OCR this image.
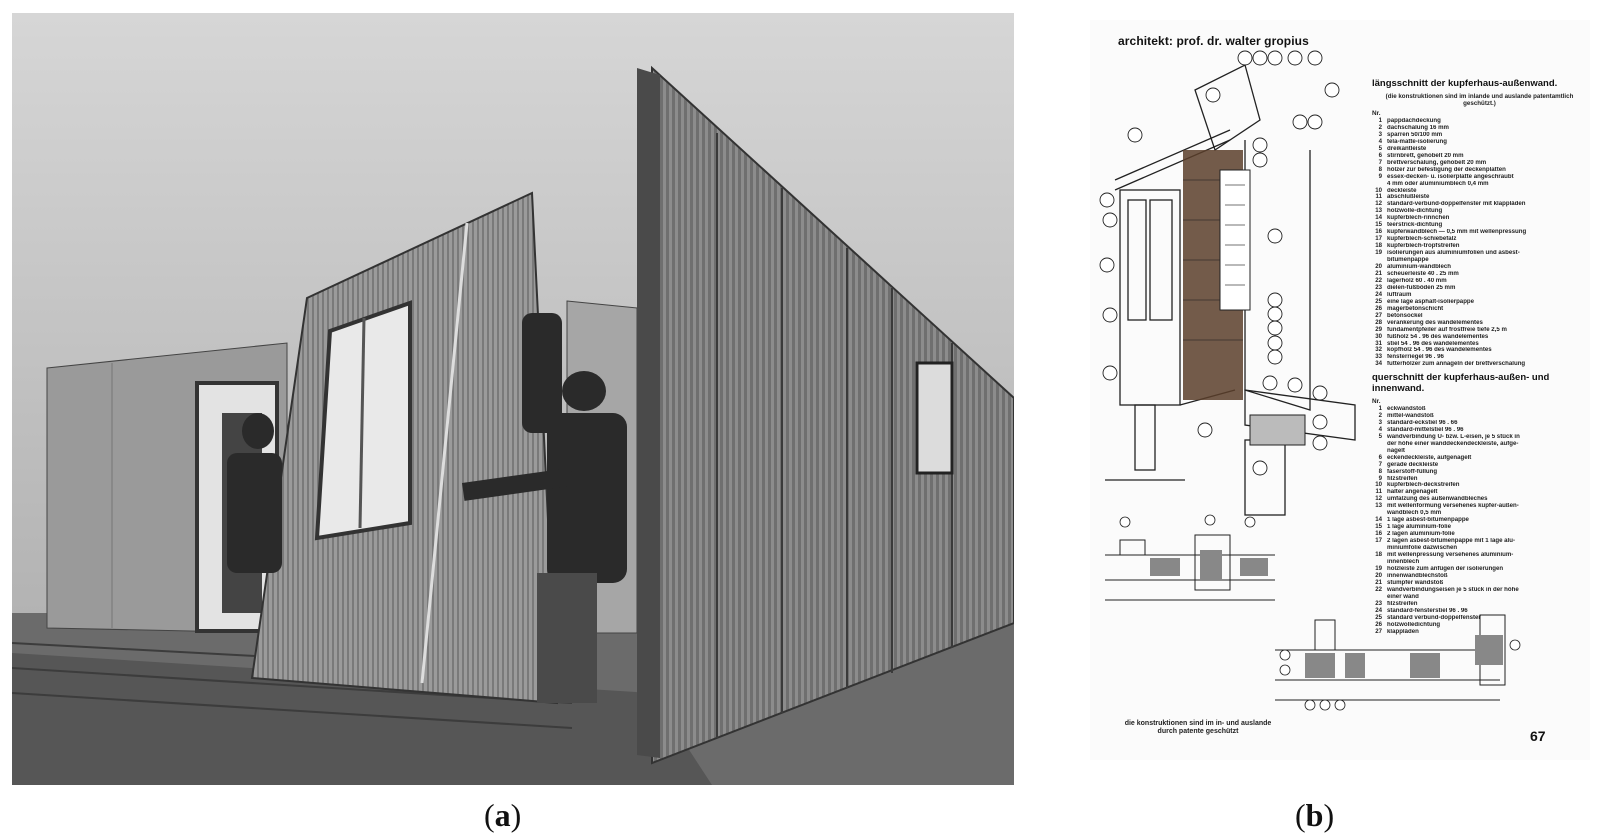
(a)
architekt: prof. dr. walter gropius
längsschnitt der kupferhaus-außenwand.
(die konstruktionen sind im inlande und auslande patentamtlich geschützt.)
Nr.
1 pappdachdeckung
2 dachschalung 16 mm
3 sparren 50/100 mm
4 tela-matte-isolierung
5 dreikantleiste
6 stirnbrett, gehobelt 20 mm
7 brettverschalung, gehobelt 20 mm
8 hölzer zur befestigung der deckenplatten
9 essex-decken- u. isolierplatte angeschraubt
4 mm oder aluminiumblech 0,4 mm
10 deckleiste
11 abschlußleiste
12 standard-verbund-doppelfenster mit klappläden
13 holzwolle-dichtung
14 kupferblech-rinnchen
15 teerstrick-dichtung
16 kupferwandblech — 0,5 mm mit wellenpressung
17 kupferblech-schiebefalz
18 kupferblech-tropfstreifen
19 isolierungen aus aluminiumfolien und asbest-
bitumenpappe
20 aluminium-wandblech
21 scheuerleiste 40 . 25 mm
22 lagerholz 60 . 40 mm
23 dielen-fußböden 25 mm
24 luftraum
25 eine lage asphalt-isolierpappe
26 magerbetonschicht
27 betonsockel
28 verankerung des wandelementes
29 fundamentpfeiler auf frostfreie tiefe 2,5 m
30 fußholz 54 . 96 des wandelementes
31 stiel 54 . 96 des wandelementes
32 kopfholz 54 . 96 des wandelementes
33 fensterriegel 96 . 96
34 futterhölzer zum annageln der brettverschalung
querschnitt der kupferhaus-außen- und innenwand.
Nr.
1 eckwandstoß
2 mittel-wandstoß
3 standard-eckstiel 96 . 66
4 standard-mittelstiel 96 . 96
5 wandverbindung U- bzw. L-eisen, je 5 stück in
der höhe einer wanddeckendeckleiste, aufge-
nagelt
6 eckendeckleiste, aufgenagelt
7 gerade deckleiste
8 faserstoff-füllung
9 filzstreifen
10 kupferblech-deckstreifen
11 halter angenagelt
12 umfalzung des außenwandbleches
13 mit wellenformung versehenes kupfer-außen-
wandblech 0,5 mm
14 1 lage asbest-bitumenpappe
15 1 lage aluminium-folie
16 2 lagen aluminium-folie
17 2 lagen asbest-bitumenpappe mit 1 lage alu-
miniumfolie dazwischen
18 mit wellenpressung versehenes aluminium-
innenblech
19 holzleiste zum anfügen der isolierungen
20 innenwandblechstoß
21 stumpfer wandstoß
22 wandverbindungseisen je 5 stück in der höhe
einer wand
23 filzstreifen
24 standard-fensterstiel 96 . 96
25 standard verbund-doppelfenster
26 holzwolledichtung
27 klappläden
die konstruktionen sind im in- und auslande durch patente geschützt	67
(b)
